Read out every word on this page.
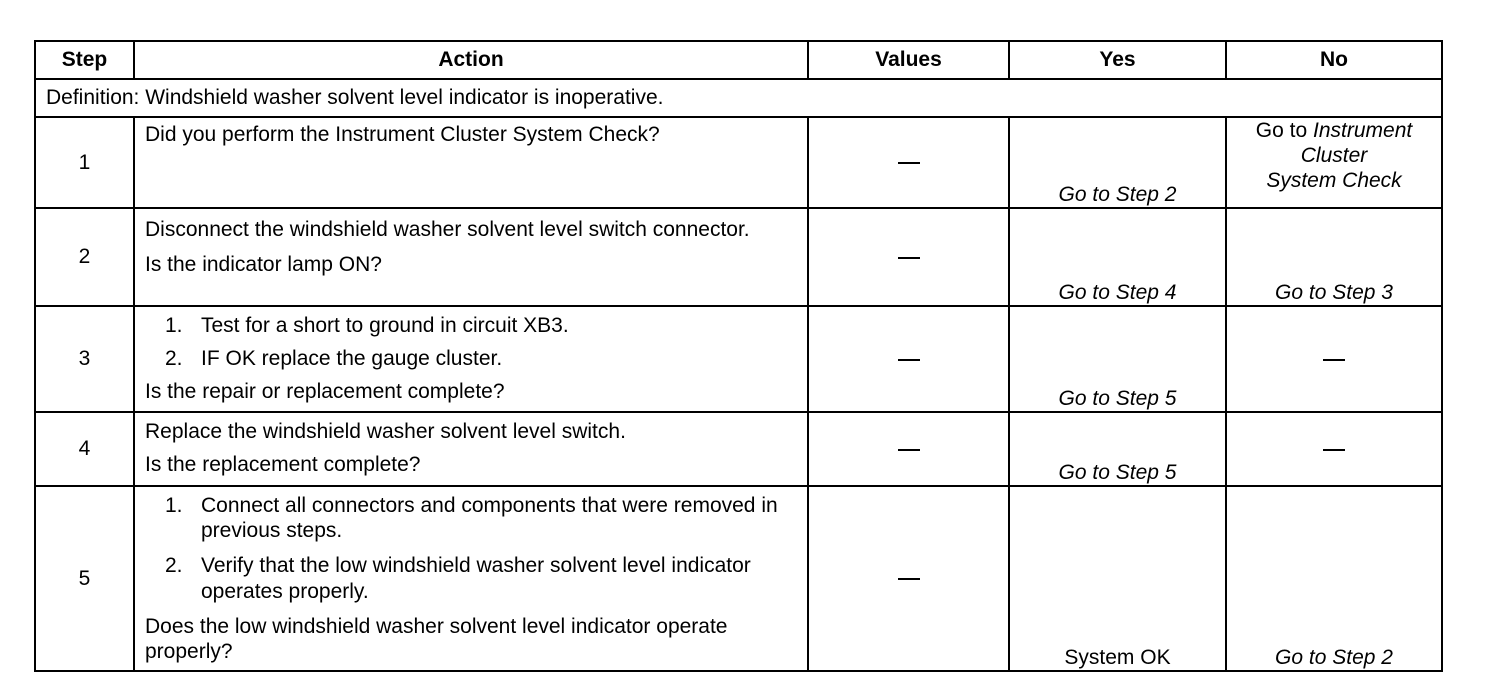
Step	Action	Values	Yes	No
Definition: Windshield washer solvent level indicator is inoperative.				
1	Did you perform the Instrument Cluster System Check?		Go to Step 2	Go to Instrument
Cluster
System Check
2	Disconnect the windshield washer solvent level switch connector.
Is the indicator lamp ON?		Go to Step 4	Go to Step 3
3	1. Test for a short to ground in circuit XB3.
2. IF OK replace the gauge cluster.
Is the repair or replacement complete?		Go to Step 5	
4	Replace the windshield washer solvent level switch.
Is the replacement complete?		Go to Step 5	
5	1. Connect all connectors and components that were removed in previous steps.
2. Verify that the low windshield washer solvent level indicator operates properly.
Does the low windshield washer solvent level indicator operate properly?		System OK	Go to Step 2
